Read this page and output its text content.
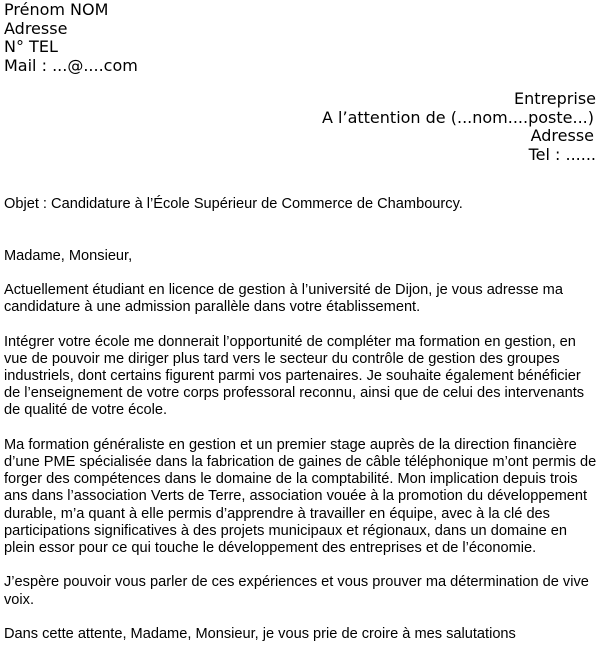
Prénom NOM
Adresse
N° TEL
Mail : ...@....com
Entreprise
A l’attention de (...nom....poste...)
Adresse
Tel : ......

Objet : Candidature à l’École Supérieur de Commerce de Chambourcy.

Madame, Monsieur,

Actuellement étudiant en licence de gestion à l’université de Dijon, je vous adresse ma candidature à une admission parallèle dans votre établissement.

Intégrer votre école me donnerait l’opportunité de compléter ma formation en gestion, en vue de pouvoir me diriger plus tard vers le secteur du contrôle de gestion des groupes industriels, dont certains figurent parmi vos partenaires. Je souhaite également bénéficier de l’enseignement de votre corps professoral reconnu, ainsi que de celui des intervenants de qualité de votre école.

Ma formation généraliste en gestion et un premier stage auprès de la direction financière d’une PME spécialisée dans la fabrication de gaines de câble téléphonique m’ont permis de forger des compétences dans le domaine de la comptabilité. Mon implication depuis trois ans dans l’association Verts de Terre, association vouée à la promotion du développement durable, m’a quant à elle permis d’apprendre à travailler en équipe, avec à la clé des participations significatives à des projets municipaux et régionaux, dans un domaine en plein essor pour ce qui touche le développement des entreprises et de l’économie.

J’espère pouvoir vous parler de ces expériences et vous prouver ma détermination de vive voix.

Dans cette attente, Madame, Monsieur, je vous prie de croire à mes salutations
